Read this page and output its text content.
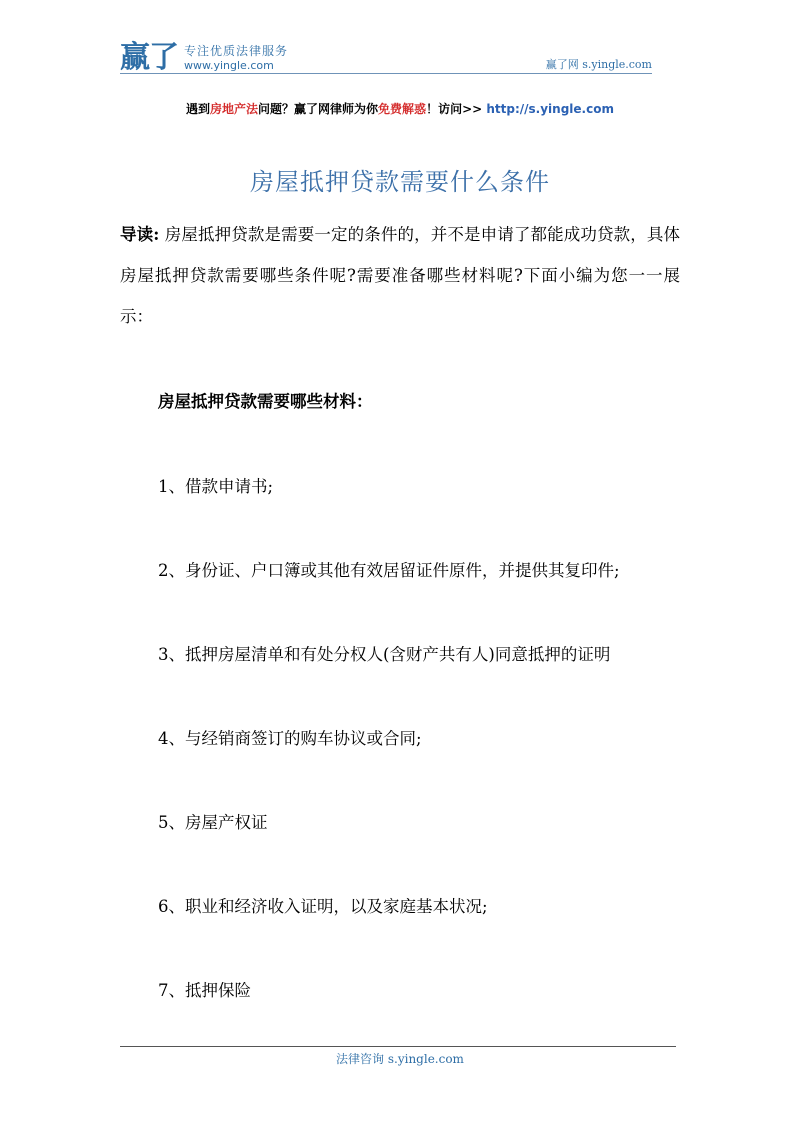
赢了 专注优质法律服务
www.yingle.com	赢了网 s.yingle.com
遇到房地产法问题？赢了网律师为你免费解惑！访问>> http://s.yingle.com
房屋抵押贷款需要什么条件
导读: 房屋抵押贷款是需要一定的条件的，并不是申请了都能成功贷款，具体房屋抵押贷款需要哪些条件呢?需要准备哪些材料呢?下面小编为您一一展示：
房屋抵押贷款需要哪些材料：
1、借款申请书;
2、身份证、户口簿或其他有效居留证件原件，并提供其复印件;
3、抵押房屋清单和有处分权人(含财产共有人)同意抵押的证明
4、与经销商签订的购车协议或合同;
5、房屋产权证
6、职业和经济收入证明，以及家庭基本状况;
7、抵押保险
法律咨询 s.yingle.com
